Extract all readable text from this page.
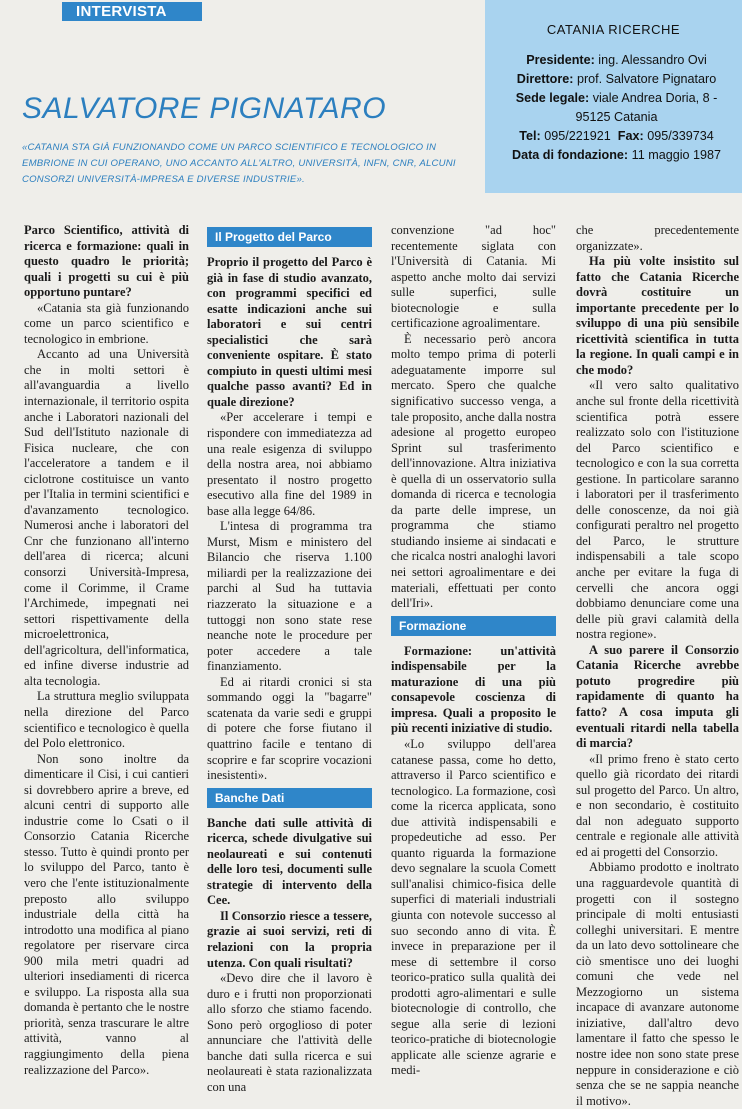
INTERVISTA
CATANIA RICERCHE
Presidente: ing. Alessandro Ovi
Direttore: prof. Salvatore Pignataro
Sede legale: viale Andrea Doria, 8 - 95125 Catania
Tel: 095/221921 Fax: 095/339734
Data di fondazione: 11 maggio 1987
SALVATORE PIGNATARO
«CATANIA STA GIÀ FUNZIONANDO COME UN PARCO SCIENTIFICO E TECNOLOGICO IN EMBRIONE IN CUI OPERANO, UNO ACCANTO ALL'ALTRO, UNIVERSITÀ, INFN, CNR, ALCUNI CONSORZI UNIVERSITÀ-IMPRESA E DIVERSE INDUSTRIE».

Parco Scientifico, attività di ricerca e formazione: quali in questo quadro le priorità; quali i progetti su cui è più opportuno puntare?

«Catania sta già funzionando come un parco scientifico e tecnologico in embrione.

Accanto ad una Università che in molti settori è all'avanguardia a livello internazionale, il territorio ospita anche i Laboratori nazionali del Sud dell'Istituto nazionale di Fisica nucleare, che con l'acceleratore a tandem e il ciclotrone costituisce un vanto per l'Italia in termini scientifici e d'avanzamento tecnologico. Numerosi anche i laboratori del Cnr che funzionano all'interno dell'area di ricerca; alcuni consorzi Università-Impresa, come il Corimme, il Crame l'Archimede, impegnati nei settori rispettivamente della microelettronica, dell'agricoltura, dell'informatica, ed infine diverse industrie ad alta tecnologia.

La struttura meglio sviluppata nella direzione del Parco scientifico e tecnologico è quella del Polo elettronico.

Non sono inoltre da dimenticare il Cisi, i cui cantieri si dovrebbero aprire a breve, ed alcuni centri di supporto alle industrie come lo Csati o il Consorzio Catania Ricerche stesso. Tutto è quindi pronto per lo sviluppo del Parco, tanto è vero che l'ente istituzionalmente preposto allo sviluppo industriale della città ha introdotto una modifica al piano regolatore per riservare circa 900 mila metri quadri ad ulteriori insediamenti di ricerca e sviluppo. La risposta alla sua domanda è pertanto che le nostre priorità, senza trascurare le altre attività, vanno al raggiungimento della piena realizzazione del Parco».

Il Progetto del Parco

Proprio il progetto del Parco è già in fase di studio avanzato, con programmi specifici ed esatte indicazioni anche sui laboratori e sui centri specialistici che sarà conveniente ospitare. È stato compiuto in questi ultimi mesi qualche passo avanti? Ed in quale direzione?

«Per accelerare i tempi e rispondere con immediatezza ad una reale esigenza di sviluppo della nostra area, noi abbiamo presentato il nostro progetto esecutivo alla fine del 1989 in base alla legge 64/86.

L'intesa di programma tra Murst, Mism e ministero del Bilancio che riserva 1.100 miliardi per la realizzazione dei parchi al Sud ha tuttavia riazzerato la situazione e a tuttoggi non sono state rese neanche note le procedure per poter accedere a tale finanziamento.

Ed ai ritardi cronici si sta sommando oggi la "bagarre" scatenata da varie sedi e gruppi di potere che forse fiutano il quattrino facile e tentano di scoprire e far scoprire vocazioni inesistenti».

Banche Dati

Banche dati sulle attività di ricerca, schede divulgative sui neolaureati e sui contenuti delle loro tesi, documenti sulle strategie di intervento della Cee.

Il Consorzio riesce a tessere, grazie ai suoi servizi, reti di relazioni con la propria utenza. Con quali risultati?

«Devo dire che il lavoro è duro e i frutti non proporzionati allo sforzo che stiamo facendo. Sono però orgoglioso di poter annunciare che l'attività delle banche dati sulla ricerca e sui neolaureati è stata razionalizzata con una

convenzione "ad hoc" recentemente siglata con l'Università di Catania. Mi aspetto anche molto dai servizi sulle superfici, sulle biotecnologie e sulla certificazione agroalimentare.

È necessario però ancora molto tempo prima di poterli adeguatamente imporre sul mercato. Spero che qualche significativo successo venga, a tale proposito, anche dalla nostra adesione al progetto europeo Sprint sul trasferimento dell'innovazione. Altra iniziativa è quella di un osservatorio sulla domanda di ricerca e tecnologia da parte delle imprese, un programma che stiamo studiando insieme ai sindacati e che ricalca nostri analoghi lavori nei settori agroalimentare e dei materiali, effettuati per conto dell'Iri».

Formazione

Formazione: un'attività indispensabile per la maturazione di una più consapevole coscienza di impresa. Quali a proposito le più recenti iniziative di studio.

«Lo sviluppo dell'area catanese passa, come ho detto, attraverso il Parco scientifico e tecnologico. La formazione, così come la ricerca applicata, sono due attività indispensabili e propedeutiche ad esso. Per quanto riguarda la formazione devo segnalare la scuola Comett sull'analisi chimico-fisica delle superfici di materiali industriali giunta con notevole successo al suo secondo anno di vita. È invece in preparazione per il mese di settembre il corso teorico-pratico sulla qualità dei prodotti agro-alimentari e sulle biotecnologie di controllo, che segue alla serie di lezioni teorico-pratiche di biotecnologie applicate alle scienze agrarie e medi-

che precedentemente organizzate».

Ha più volte insistito sul fatto che Catania Ricerche dovrà costituire un importante precedente per lo sviluppo di una più sensibile ricettività scientifica in tutta la regione. In quali campi e in che modo?

«Il vero salto qualitativo anche sul fronte della ricettività scientifica potrà essere realizzato solo con l'istituzione del Parco scientifico e tecnologico e con la sua corretta gestione. In particolare saranno i laboratori per il trasferimento delle conoscenze, da noi già configurati peraltro nel progetto del Parco, le strutture indispensabili a tale scopo anche per evitare la fuga di cervelli che ancora oggi dobbiamo denunciare come una delle più gravi calamità della nostra regione».

A suo parere il Consorzio Catania Ricerche avrebbe potuto progredire più rapidamente di quanto ha fatto? A cosa imputa gli eventuali ritardi nella tabella di marcia?

«Il primo freno è stato certo quello già ricordato dei ritardi sul progetto del Parco. Un altro, e non secondario, è costituito dal non adeguato supporto centrale e regionale alle attività ed ai progetti del Consorzio.

Abbiamo prodotto e inoltrato una ragguardevole quantità di progetti con il sostegno principale di molti entusiasti colleghi universitari. E mentre da un lato devo sottolineare che ciò smentisce uno dei luoghi comuni che vede nel Mezzogiorno un sistema incapace di avanzare autonome iniziative, dall'altro devo lamentare il fatto che spesso le nostre idee non sono state prese neppure in considerazione e ciò senza che se ne sappia neanche il motivo».
